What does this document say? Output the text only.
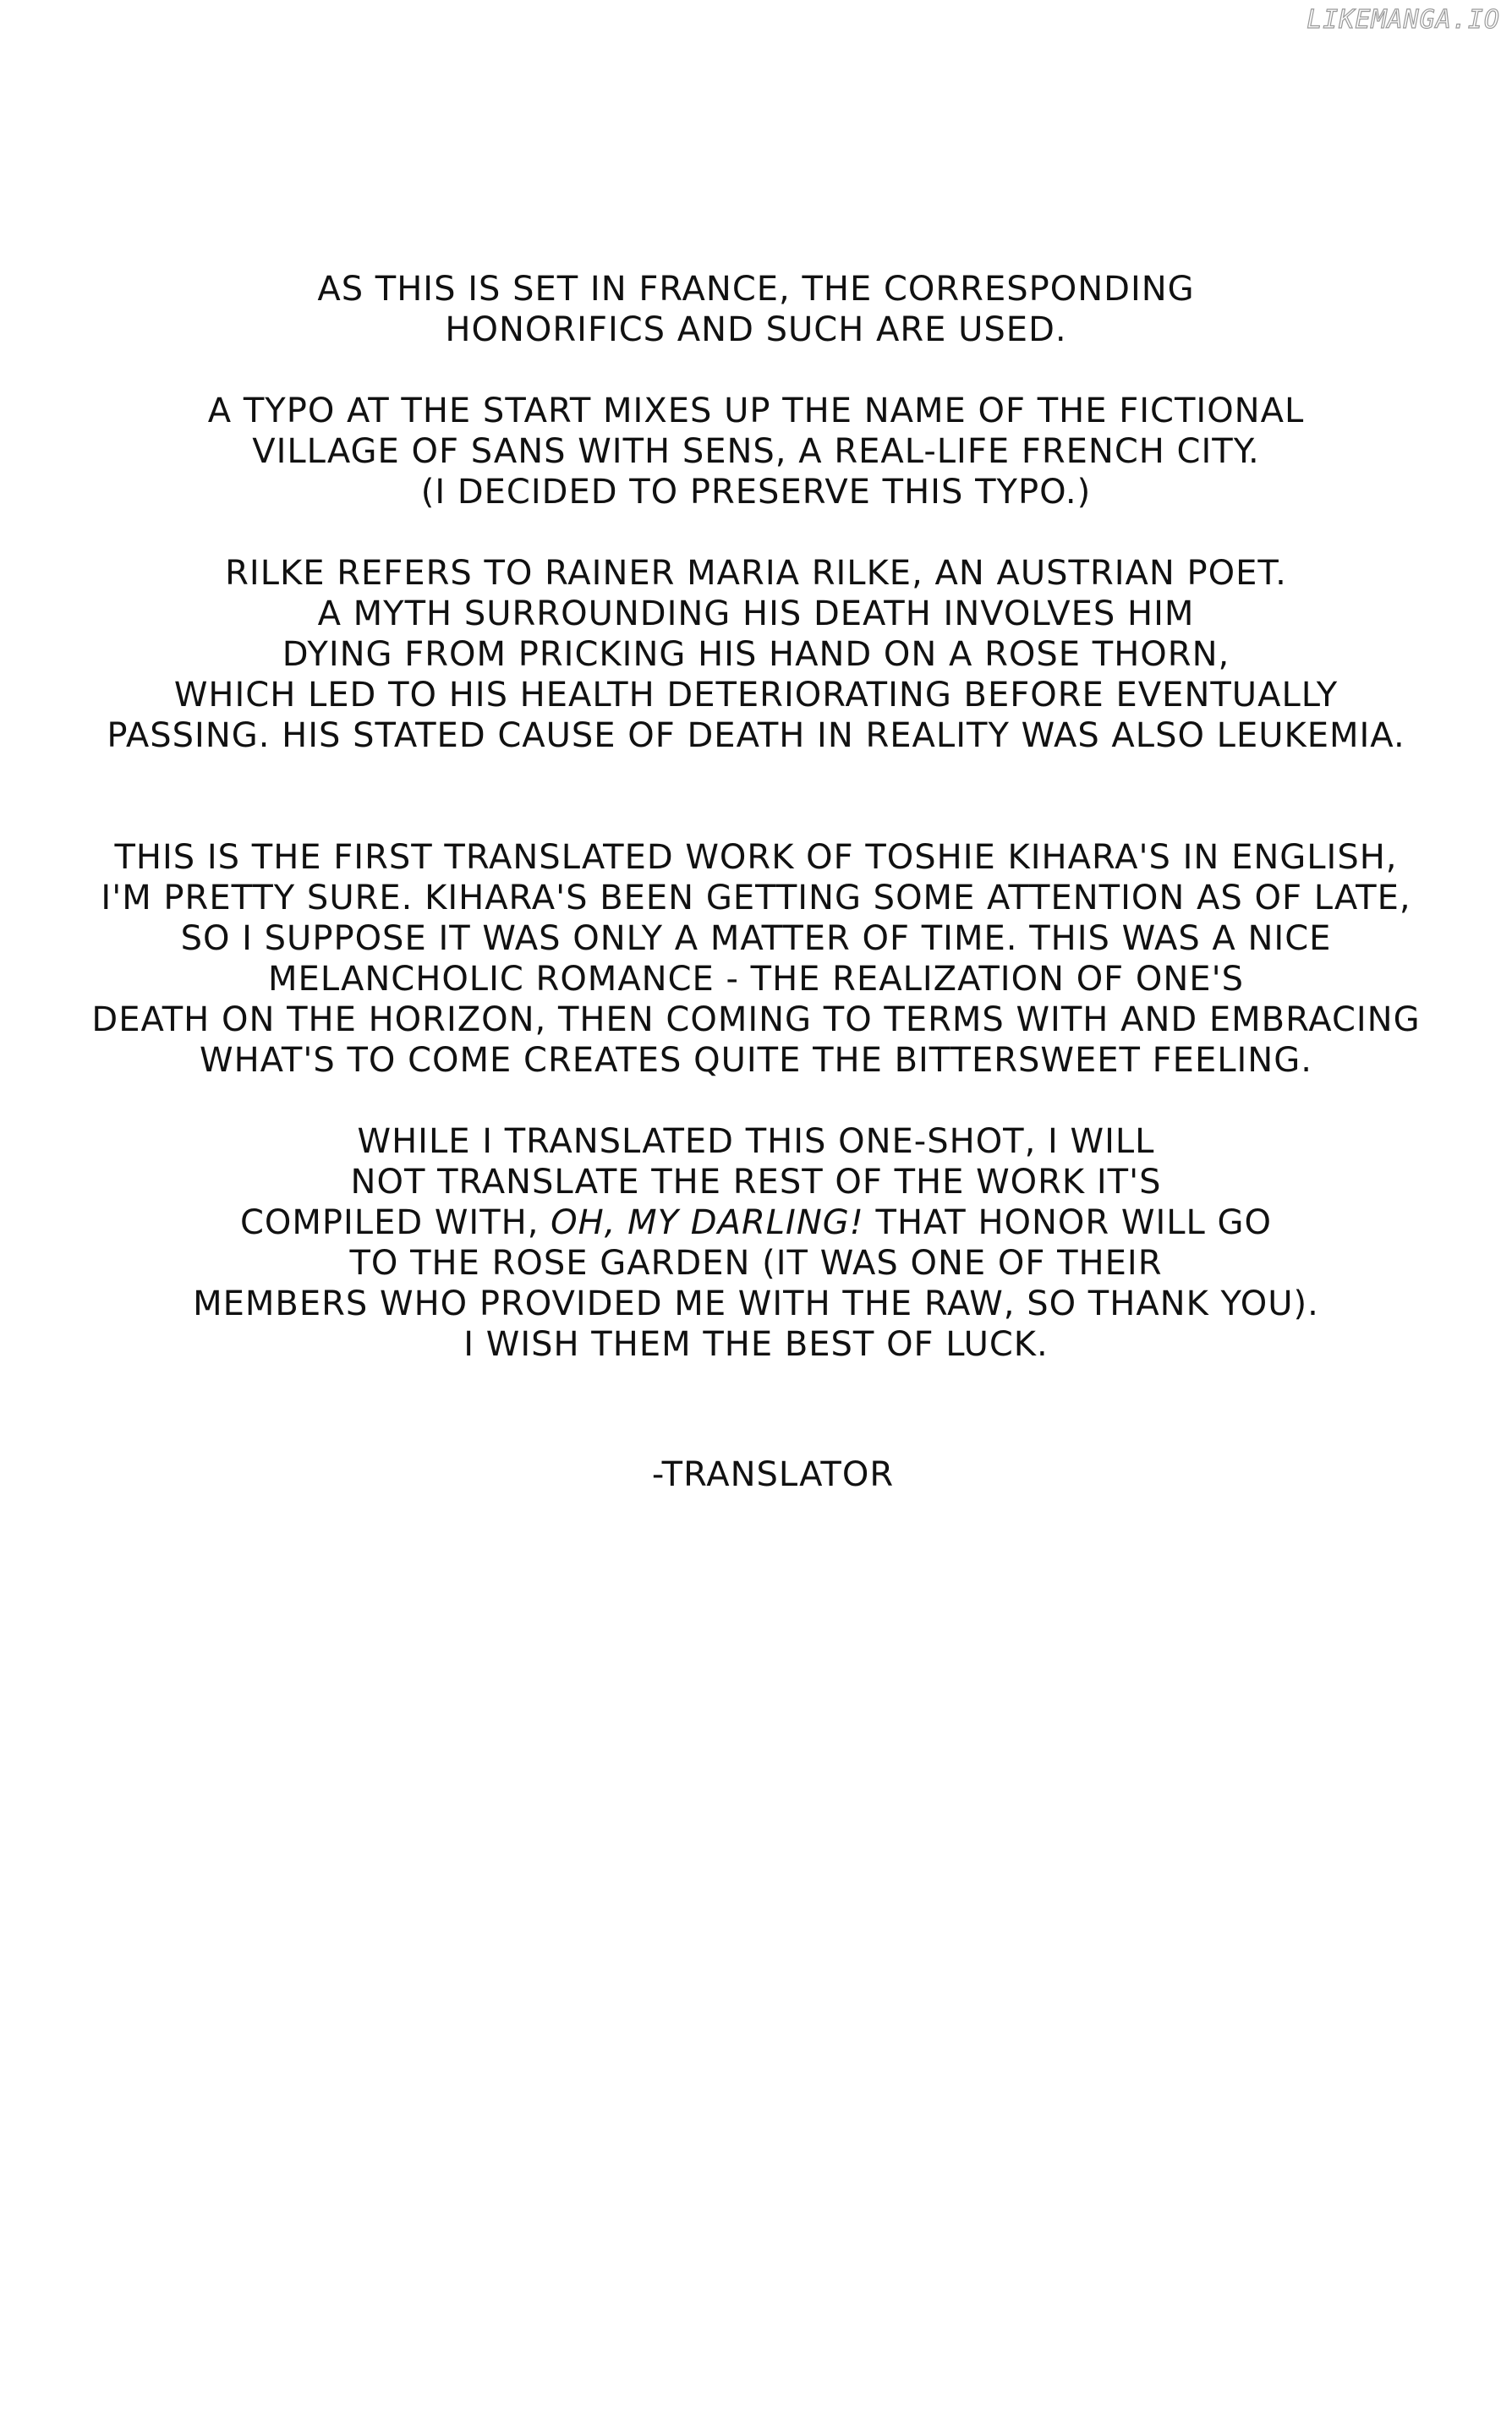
LIKEMANGA.IO
AS THIS IS SET IN FRANCE, THE CORRESPONDING
HONORIFICS AND SUCH ARE USED.
A TYPO AT THE START MIXES UP THE NAME OF THE FICTIONAL
VILLAGE OF SANS WITH SENS, A REAL-LIFE FRENCH CITY.
(I DECIDED TO PRESERVE THIS TYPO.)
RILKE REFERS TO RAINER MARIA RILKE, AN AUSTRIAN POET.
A MYTH SURROUNDING HIS DEATH INVOLVES HIM
DYING FROM PRICKING HIS HAND ON A ROSE THORN,
WHICH LED TO HIS HEALTH DETERIORATING BEFORE EVENTUALLY
PASSING. HIS STATED CAUSE OF DEATH IN REALITY WAS ALSO LEUKEMIA.
THIS IS THE FIRST TRANSLATED WORK OF TOSHIE KIHARA'S IN ENGLISH,
I'M PRETTY SURE. KIHARA'S BEEN GETTING SOME ATTENTION AS OF LATE,
SO I SUPPOSE IT WAS ONLY A MATTER OF TIME. THIS WAS A NICE
MELANCHOLIC ROMANCE - THE REALIZATION OF ONE'S
DEATH ON THE HORIZON, THEN COMING TO TERMS WITH AND EMBRACING
WHAT'S TO COME CREATES QUITE THE BITTERSWEET FEELING.
WHILE I TRANSLATED THIS ONE-SHOT, I WILL
NOT TRANSLATE THE REST OF THE WORK IT'S
COMPILED WITH, OH, MY DARLING! THAT HONOR WILL GO
TO THE ROSE GARDEN (IT WAS ONE OF THEIR
MEMBERS WHO PROVIDED ME WITH THE RAW, SO THANK YOU).
I WISH THEM THE BEST OF LUCK.
-TRANSLATOR
